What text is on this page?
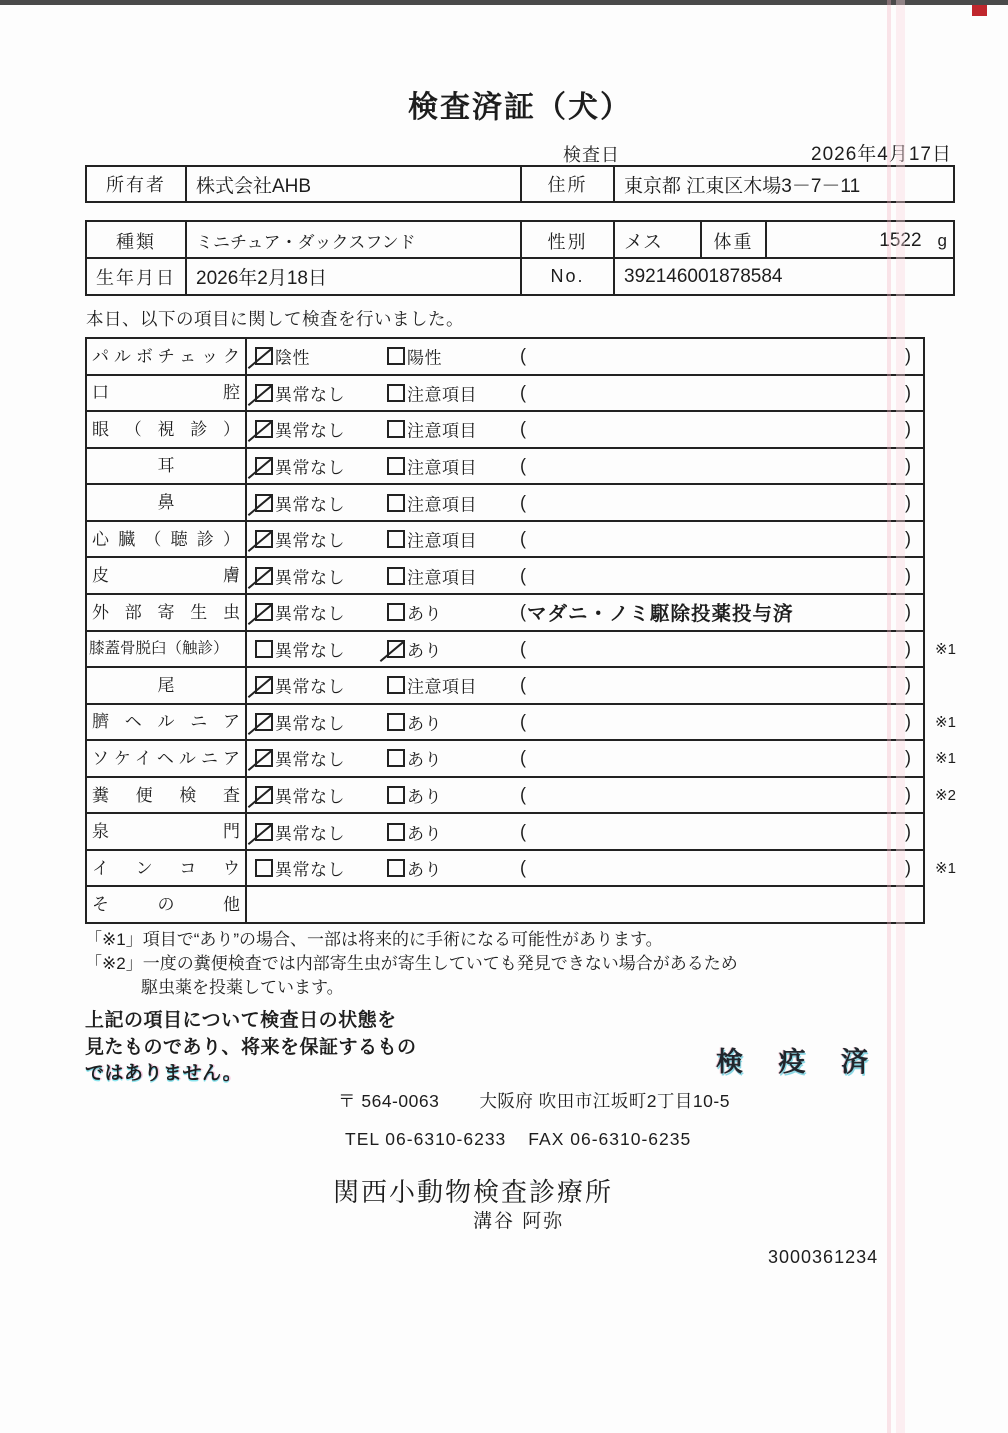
検査済証（犬）
検査日	2026年4月17日
所有者	株式会社AHB	住所	東京都 江東区木場3－7－11
種類	ミニチュア・ダックスフンド	性別	メス	体重	1522 g
生年月日	2026年2月18日	No.	392146001878584
本日、以下の項目に関して検査を行いました。
パルボチェック 陰性	陽性	(	)
口腔 異常なし	注意項目 (	)
眼（視診） 異常なし	注意項目 (	)
耳	異常なし	注意項目 (	)
鼻	異常なし	注意項目 (	)
心臓（聴診） 異常なし	注意項目 (	)
皮膚 異常なし	注意項目 (	)
外部寄生虫 異常なし	あり	( マダニ・ノミ駆除投薬投与済	)
膝蓋骨脱臼（触診）	異常なし	あり	(	) ※1
尾	異常なし	注意項目 (	)
臍ヘルニア 異常なし	あり	(	) ※1
ソケイヘルニア 異常なし	あり	(	) ※1
糞便検査 異常なし	あり	(	) ※2
泉門 異常なし	あり	(	)
インコウ 異常なし	あり	(	) ※1
その他
「※1」項目で“あり”の場合、一部は将来的に手術になる可能性があります。
「※2」一度の糞便検査では内部寄生虫が寄生していても発見できない場合があるため
駆虫薬を投薬しています。
上記の項目について検査日の状態を
見たものであり、将来を保証するもの
ではありません。	検 疫 済
〒 564-0063 大阪府 吹田市江坂町2丁目10-5
TEL 06-6310-6233 FAX 06-6310-6235
関西小動物検査診療所
溝谷 阿弥
3000361234
